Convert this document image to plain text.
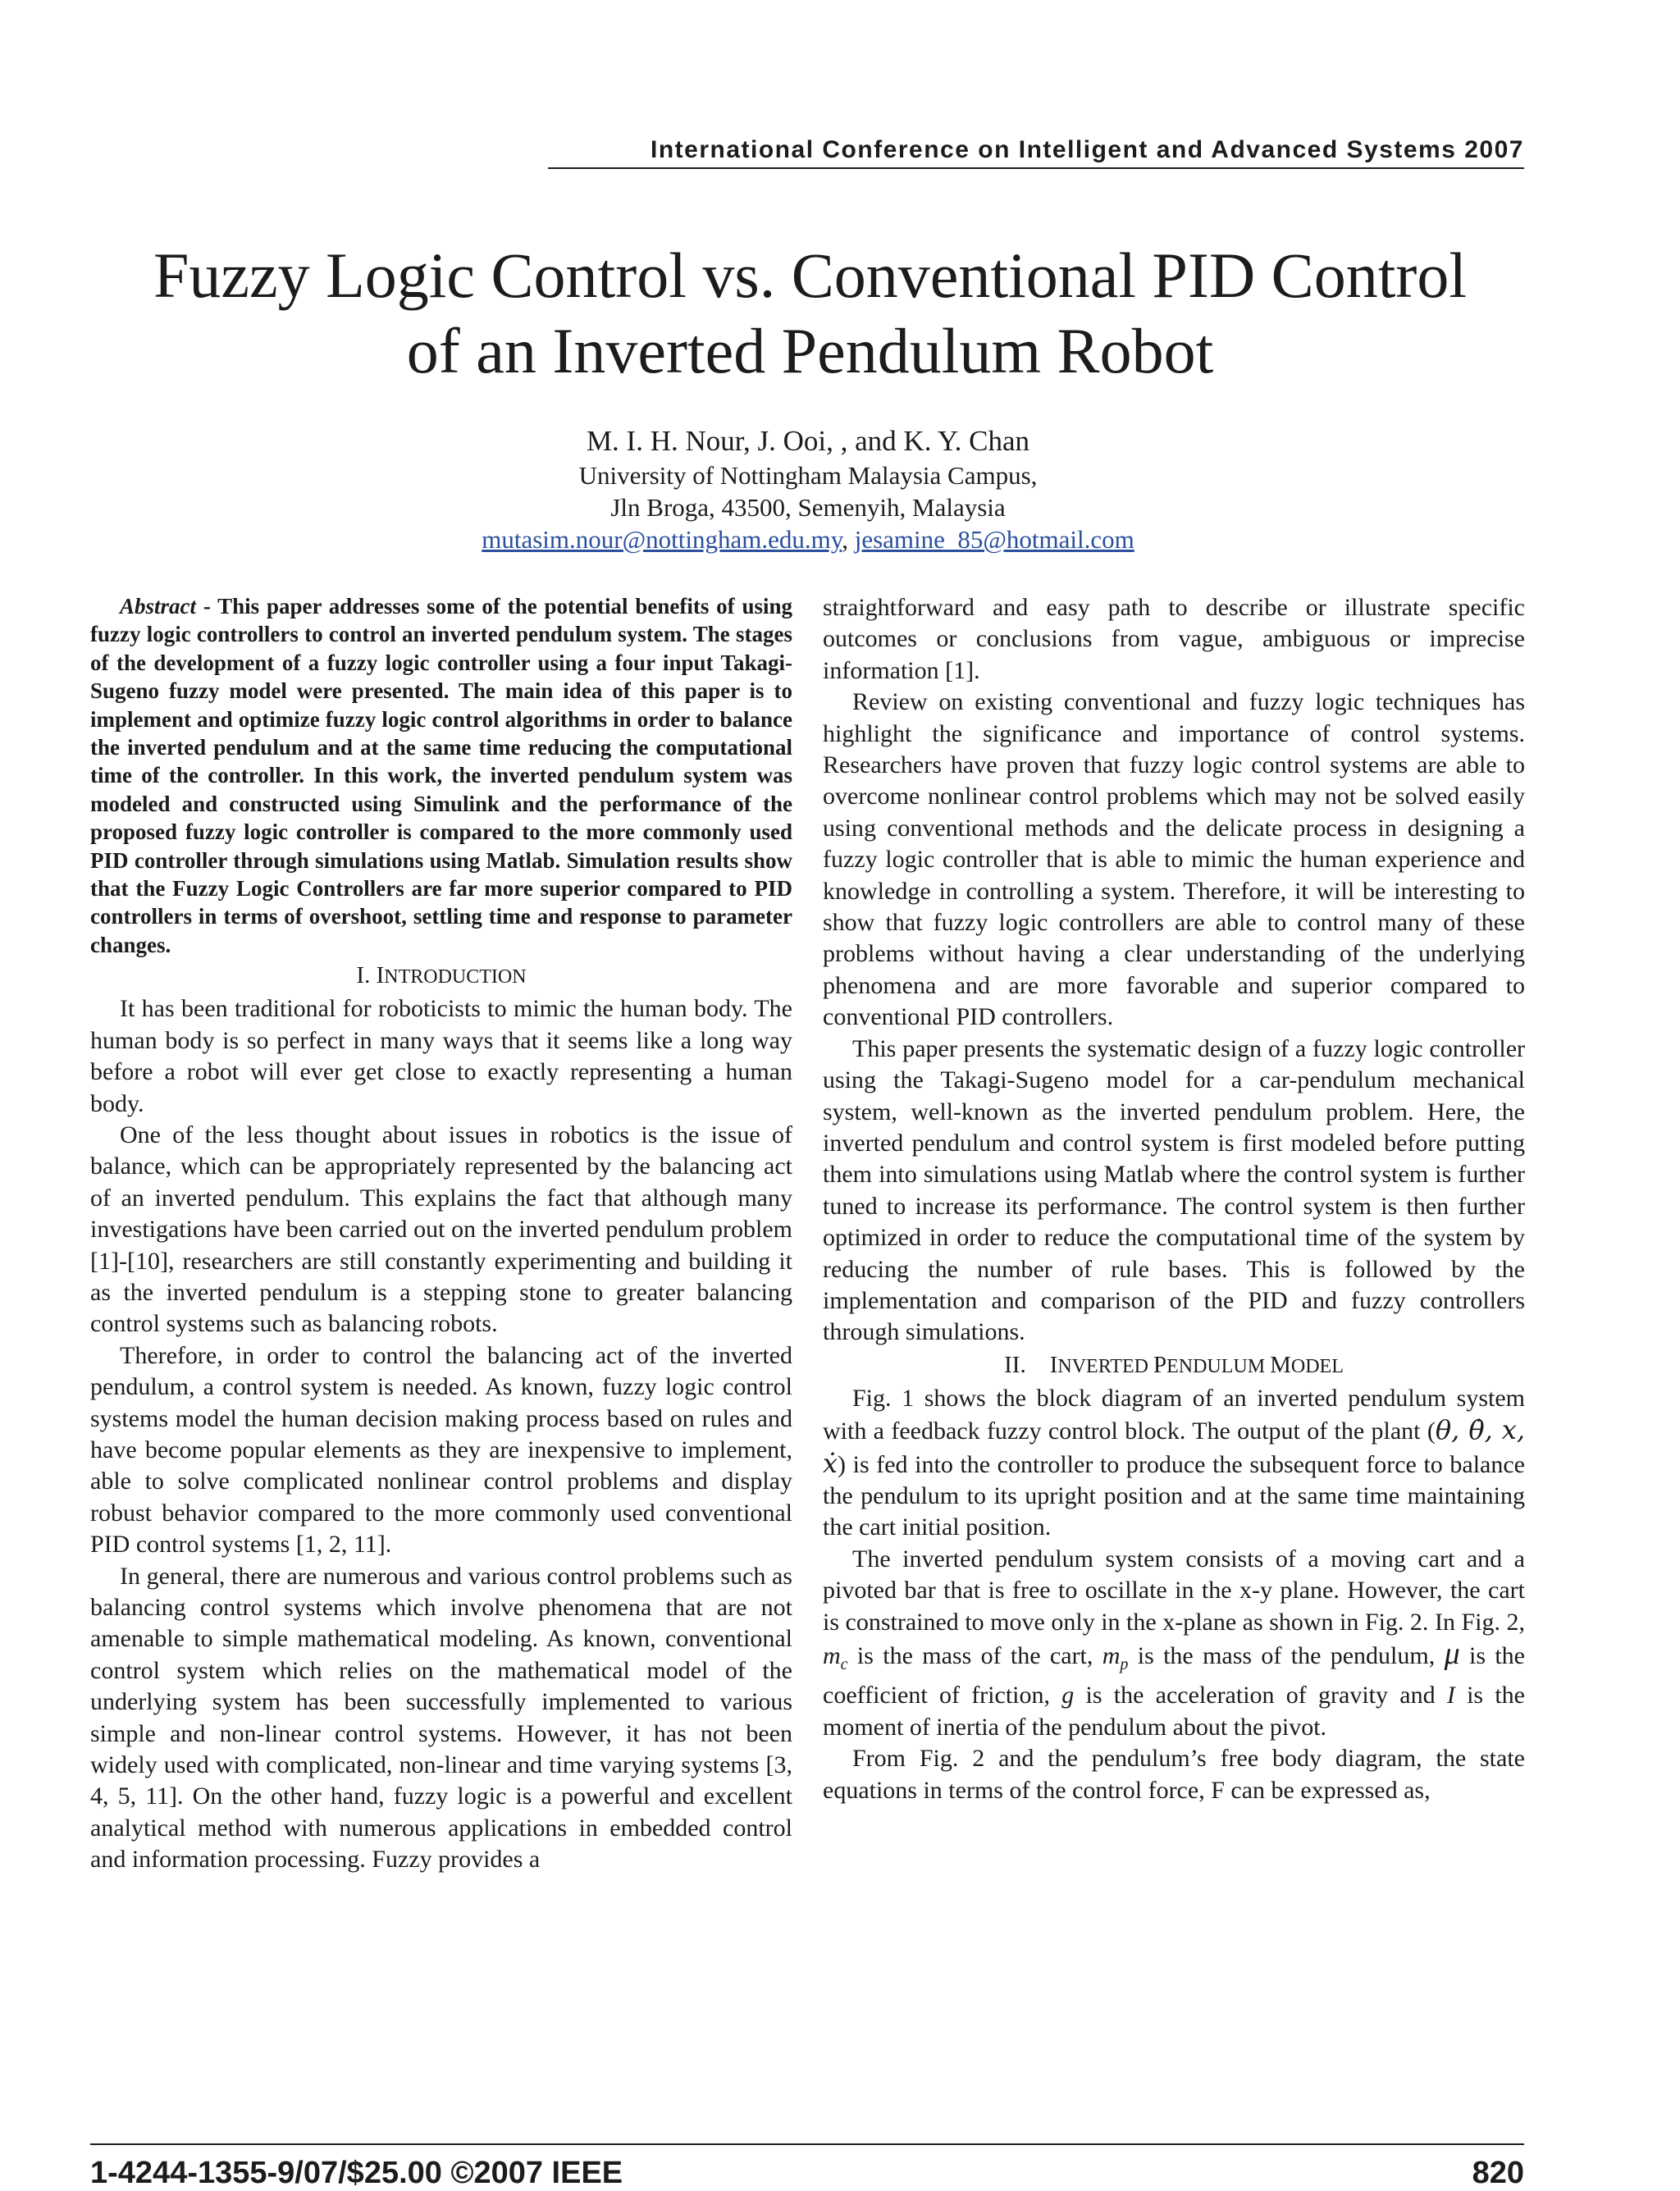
International Conference on Intelligent and Advanced Systems 2007
Fuzzy Logic Control vs. Conventional PID Control
of an Inverted Pendulum Robot
M. I. H. Nour, J. Ooi, , and K. Y. Chan
University of Nottingham Malaysia Campus,
Jln Broga, 43500, Semenyih, Malaysia
mutasim.nour@nottingham.edu.my, jesamine_85@hotmail.com

Abstract - This paper addresses some of the potential benefits of using fuzzy logic controllers to control an inverted pendulum system. The stages of the development of a fuzzy logic controller using a four input Takagi-Sugeno fuzzy model were presented. The main idea of this paper is to implement and optimize fuzzy logic control algorithms in order to balance the inverted pendulum and at the same time reducing the computational time of the controller. In this work, the inverted pendulum system was modeled and constructed using Simulink and the performance of the proposed fuzzy logic controller is compared to the more commonly used PID controller through simulations using Matlab. Simulation results show that the Fuzzy Logic Controllers are far more superior compared to PID controllers in terms of overshoot, settling time and response to parameter changes.

I. INTRODUCTION

It has been traditional for roboticists to mimic the human body. The human body is so perfect in many ways that it seems like a long way before a robot will ever get close to exactly representing a human body.

One of the less thought about issues in robotics is the issue of balance, which can be appropriately represented by the balancing act of an inverted pendulum. This explains the fact that although many investigations have been carried out on the inverted pendulum problem [1]-[10], researchers are still constantly experimenting and building it as the inverted pendulum is a stepping stone to greater balancing control systems such as balancing robots.

Therefore, in order to control the balancing act of the inverted pendulum, a control system is needed. As known, fuzzy logic control systems model the human decision making process based on rules and have become popular elements as they are inexpensive to implement, able to solve complicated nonlinear control problems and display robust behavior compared to the more commonly used conventional PID control systems [1, 2, 11].

In general, there are numerous and various control problems such as balancing control systems which involve phenomena that are not amenable to simple mathematical modeling. As known, conventional control system which relies on the mathematical model of the underlying system has been successfully implemented to various simple and non-linear control systems. However, it has not been widely used with complicated, non-linear and time varying systems [3, 4, 5, 11]. On the other hand, fuzzy logic is a powerful and excellent analytical method with numerous applications in embedded control and information processing. Fuzzy provides a

straightforward and easy path to describe or illustrate specific outcomes or conclusions from vague, ambiguous or imprecise information [1].

Review on existing conventional and fuzzy logic techniques has highlight the significance and importance of control systems. Researchers have proven that fuzzy logic control systems are able to overcome nonlinear control problems which may not be solved easily using conventional methods and the delicate process in designing a fuzzy logic controller that is able to mimic the human experience and knowledge in controlling a system. Therefore, it will be interesting to show that fuzzy logic controllers are able to control many of these problems without having a clear understanding of the underlying phenomena and are more favorable and superior compared to conventional PID controllers.

This paper presents the systematic design of a fuzzy logic controller using the Takagi-Sugeno model for a car-pendulum mechanical system, well-known as the inverted pendulum problem. Here, the inverted pendulum and control system is first modeled before putting them into simulations using Matlab where the control system is further tuned to increase its performance. The control system is then further optimized in order to reduce the computational time of the system by reducing the number of rule bases. This is followed by the implementation and comparison of the PID and fuzzy controllers through simulations.

II. INVERTED PENDULUM MODEL

Fig. 1 shows the block diagram of an inverted pendulum system with a feedback fuzzy control block. The output of the plant (θ, θ̇, x, ẋ) is fed into the controller to produce the subsequent force to balance the pendulum to its upright position and at the same time maintaining the cart initial position.

The inverted pendulum system consists of a moving cart and a pivoted bar that is free to oscillate in the x-y plane. However, the cart is constrained to move only in the x-plane as shown in Fig. 2. In Fig. 2, $m_c$ is the mass of the cart, $m_p$ is the mass of the pendulum, μ is the coefficient of friction, g is the acceleration of gravity and I is the moment of inertia of the pendulum about the pivot.

From Fig. 2 and the pendulum’s free body diagram, the state equations in terms of the control force, F can be expressed as,

1-4244-1355-9/07/$25.00 ©2007 IEEE	820
